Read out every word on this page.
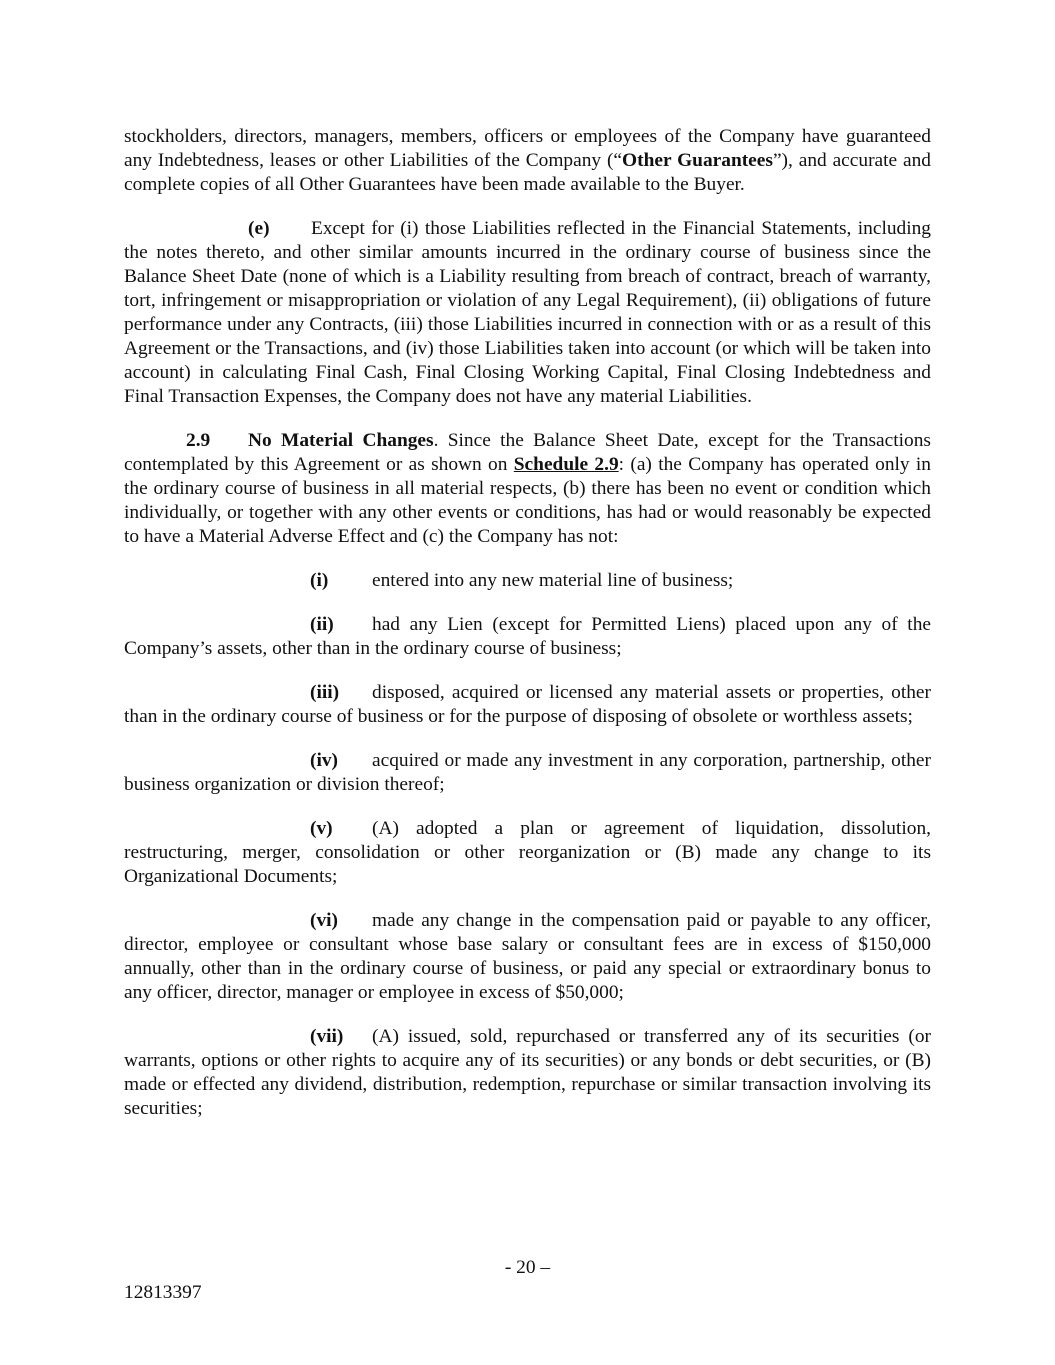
stockholders, directors, managers, members, officers or employees of the Company have guaranteed any Indebtedness, leases or other Liabilities of the Company (“Other Guarantees”), and accurate and complete copies of all Other Guarantees have been made available to the Buyer.

(e) Except for (i) those Liabilities reflected in the Financial Statements, including the notes thereto, and other similar amounts incurred in the ordinary course of business since the Balance Sheet Date (none of which is a Liability resulting from breach of contract, breach of warranty, tort, infringement or misappropriation or violation of any Legal Requirement), (ii) obligations of future performance under any Contracts, (iii) those Liabilities incurred in connection with or as a result of this Agreement or the Transactions, and (iv) those Liabilities taken into account (or which will be taken into account) in calculating Final Cash, Final Closing Working Capital, Final Closing Indebtedness and Final Transaction Expenses, the Company does not have any material Liabilities.

2.9 No Material Changes. Since the Balance Sheet Date, except for the Transactions contemplated by this Agreement or as shown on Schedule 2.9: (a) the Company has operated only in the ordinary course of business in all material respects, (b) there has been no event or condition which individually, or together with any other events or conditions, has had or would reasonably be expected to have a Material Adverse Effect and (c) the Company has not:

(i) entered into any new material line of business;

(ii) had any Lien (except for Permitted Liens) placed upon any of the Company’s assets, other than in the ordinary course of business;

(iii) disposed, acquired or licensed any material assets or properties, other than in the ordinary course of business or for the purpose of disposing of obsolete or worthless assets;

(iv) acquired or made any investment in any corporation, partnership, other business organization or division thereof;

(v) (A) adopted a plan or agreement of liquidation, dissolution, restructuring, merger, consolidation or other reorganization or (B) made any change to its Organizational Documents;

(vi) made any change in the compensation paid or payable to any officer, director, employee or consultant whose base salary or consultant fees are in excess of $150,000 annually, other than in the ordinary course of business, or paid any special or extraordinary bonus to any officer, director, manager or employee in excess of $50,000;

(vii) (A) issued, sold, repurchased or transferred any of its securities (or warrants, options or other rights to acquire any of its securities) or any bonds or debt securities, or (B) made or effected any dividend, distribution, redemption, repurchase or similar transaction involving its securities;

- 20 –
12813397
